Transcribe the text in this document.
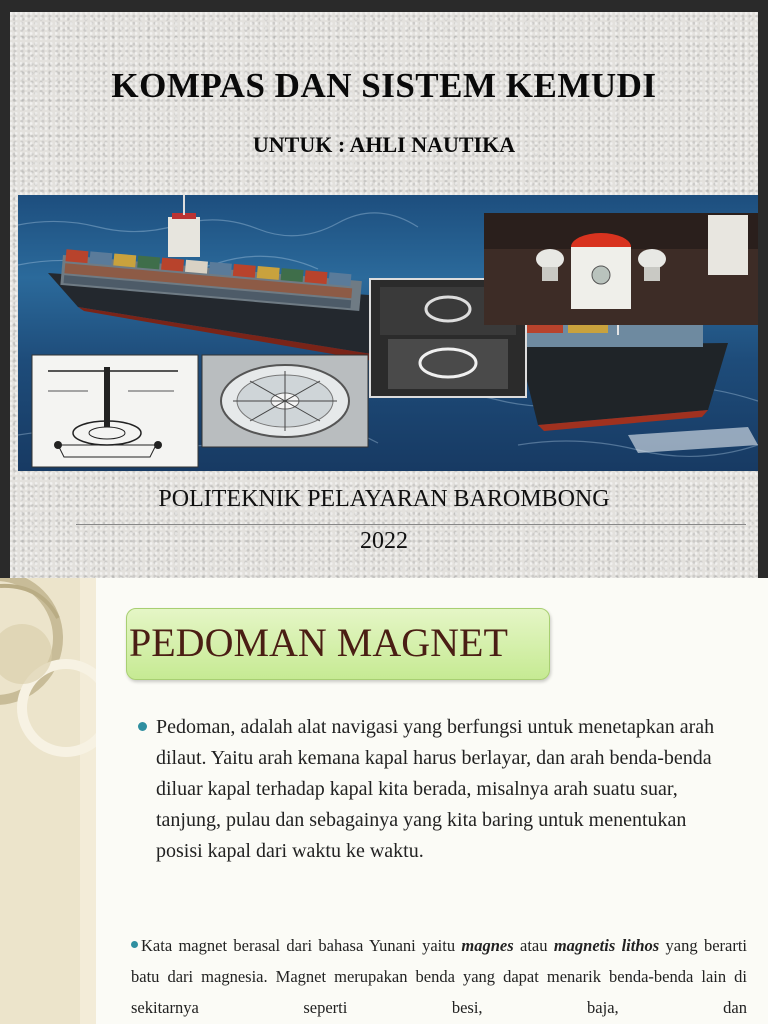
KOMPAS DAN SISTEM KEMUDI
UNTUK : AHLI NAUTIKA

POLITEKNIK PELAYARAN BAROMBONG

2022

PEDOMAN MAGNET

Pedoman, adalah alat navigasi yang berfungsi untuk menetapkan arah dilaut. Yaitu arah kemana kapal harus berlayar, dan arah benda-benda diluar kapal terhadap kapal kita berada, misalnya arah suatu suar, tanjung, pulau dan sebagainya yang kita baring untuk menentukan posisi kapal dari waktu ke waktu.

Kata magnet berasal dari bahasa Yunani yaitu magnes atau magnetis lithos yang berarti batu dari magnesia. Magnet merupakan benda yang dapat menarik benda-benda lain di sekitarnya seperti besi, baja, dan
